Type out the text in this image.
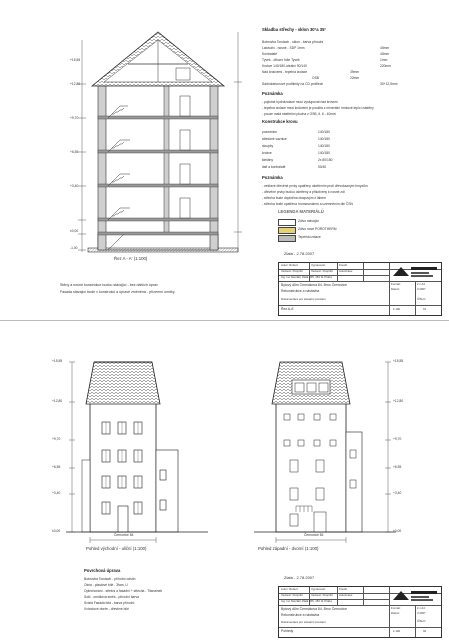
+15,55
+12,80
+9,70
+6,55
+3,40
±0,00
-1,00
Řez A - A' (1:100)
Skladba střechy - sklon 30°a 35°
Bobrovka Tondach - sklon - barva přírodní
Latování - nosné - SDP 1mm	40mm
Kontralatě	40mm
Tyvek - difuzní fólie Tyvek	1mm
Krokve 140/180-ideální 90/140	220mm
Nad krokvemi - tepelná izolace	39mm
OSB	22mm
Sádrokartonové podhledy na CD profilech	30+12,5mm
Poznámka
- pojistná hydroizolace musí vystupovat nad krovem
- tepelná izolace mezi krokvemi je použita z minerální hrnkové lepící zástěny
- pouze malá nástřešní plocha z OSB, tl. 6 - 40mm
Konstrukce krovu
pozednice	140/180
středové vaznice	140/180
sloupky	140/180
krokve	140/180
kleštiny	2x 80/180
latě a kontralatě	50/40
Poznámka
- veškeré dřevěné prvky opatřeny ošetřením proti dřevokazným hmyzům
- dřevěné prvky budou ošetřeny a přikotveny k nosné zdi
- střecha bude doplněna okapovým ž lábem
- střecha bude opatřena hromosvodem a uzemněním dle ČSN
LEGENDA MATERIÁLŮ
Zdivo stávající
Zdivo nové POROTHERM
Tepelná izolace
Zlatá - 2.78.2007
Autor: Robert	Vypracoval:	Kreslil:
Formát:	2 x A4
Vedoucí: Pospíšil	Vedoucí: Pospíšil Autorizace:
Datum:	3.2007
Ing. Ivo Navrátil, Zlatá 335, 153 11 Praha
Bytový dům Čermákova 84, Brno Černovice
Rekonstrukce a nástavba
Dokumentace pro stavební povolení
Řez A-A'	1:100
ČÍSLO
01
Stěny a nosné konstrukce budou stávající - bez dalších úprav
Fasáda stávající bude v konstrukci a úpravě změněna - přízemní omítky
+15,55
+12,80
+9,70
+6,55
+3,40
±0,00
Černovice 84
Pohled východní - uliční (1:100)
+15,55
+12,80
+9,70
+6,55
+3,40
±0,00
Černovice 84
Pohled západní - dvorní (1:100)
Povrchová úprava
Bobrovka Tondach - přírodní odstín
Okna - plastové bílé - 3fam, U
Oplechování - střešní a fasádní + střecha - Titanzinek
Sokl - omítková směs - přírodní barva
Svislá Fasáda bílá - barva přírodní
Vchodové dveře - dřevěné bílé
Zlatá - 2.78.2007
Autor: Robert	Vypracoval:	Kreslil:
Formát:	2 x A4
Vedoucí: Pospíšil	Vedoucí: Pospíšil Autorizace:
Datum:	3.2007
Ing. Ivo Navrátil, Zlatá 335, 153 11 Praha
Bytový dům Čermákova 84, Brno Černovice
Rekonstrukce a nástavba
Dokumentace pro stavební povolení
Pohledy	1:100
ČÍSLO
02
